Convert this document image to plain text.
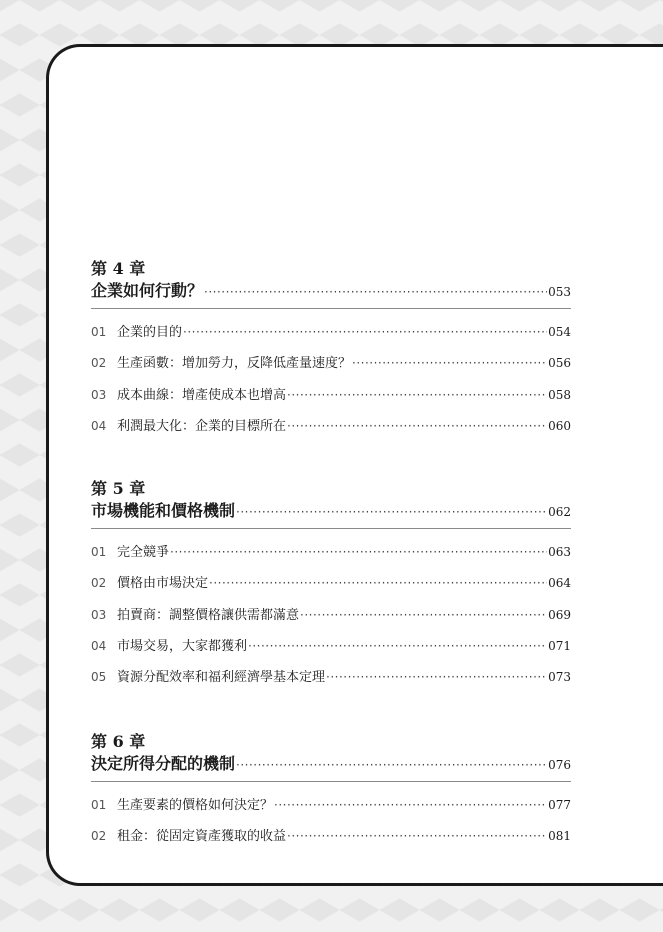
第 4 章
企業如何行動？ ·····	053
01 企業的目的 ·····	054
02 生產函數：增加勞力，反降低產量速度？ ·····	056
03 成本曲線：增產使成本也增高 ·····	058
04 利潤最大化：企業的目標所在 ·····	060
第 5 章
市場機能和價格機制 ·····	062
01 完全競爭 ·····	063
02 價格由市場決定 ·····	064
03 拍賣商：調整價格讓供需都滿意 ·····	069
04 市場交易，大家都獲利 ·····	071
05 資源分配效率和福利經濟學基本定理 ·····	073
第 6 章
決定所得分配的機制 ·····	076
01 生產要素的價格如何決定？ ·····	077
02 租金：從固定資產獲取的收益 ·····	081
